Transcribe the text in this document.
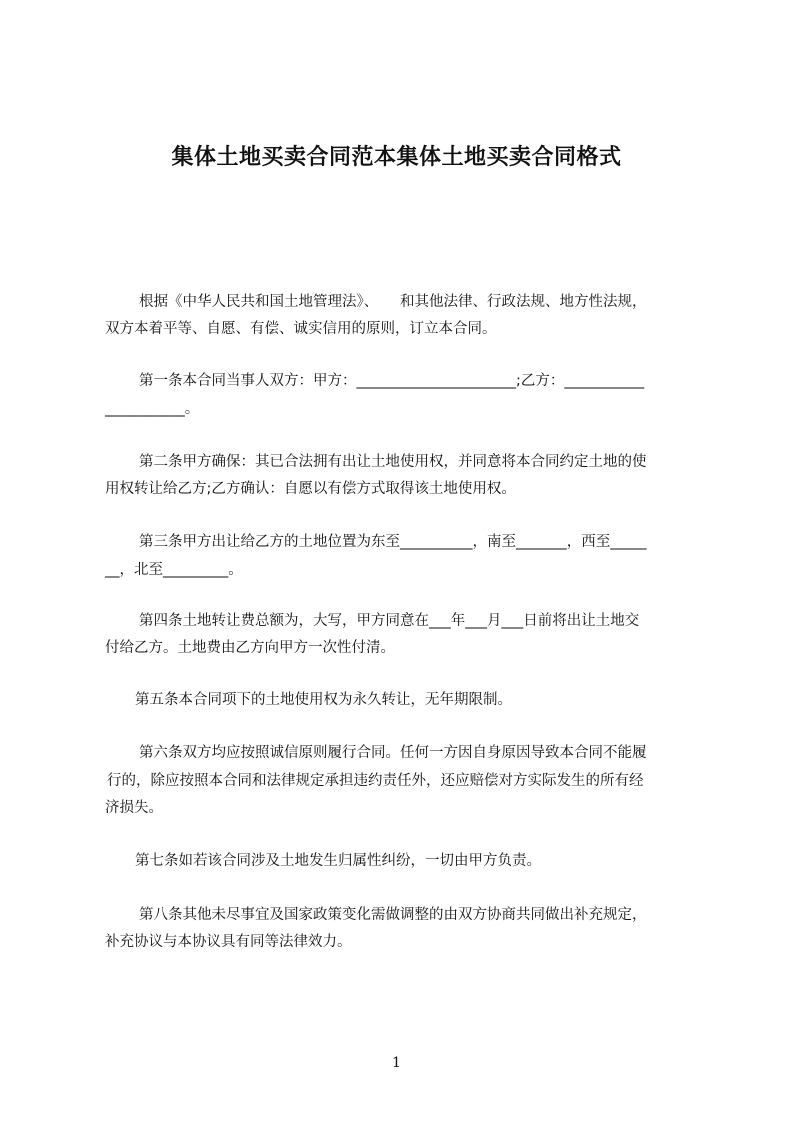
集体土地买卖合同范本集体土地买卖合同格式
根据《中华人民共和国土地管理法》、　　和其他法律、行政法规、地方性法规，
双方本着平等、自愿、有偿、诚实信用的原则，订立本合同。
第一条本合同当事人双方：甲方：______________________;乙方：___________
___________。
第二条甲方确保：其已合法拥有出让土地使用权，并同意将本合同约定土地的使
用权转让给乙方;乙方确认：自愿以有偿方式取得该土地使用权。
第三条甲方出让给乙方的土地位置为东至__________，南至_______，西至_____
__，北至_________。
第四条土地转让费总额为，大写，甲方同意在___年___月___日前将出让土地交
付给乙方。土地费由乙方向甲方一次性付清。
第五条本合同项下的土地使用权为永久转让，无年期限制。
第六条双方均应按照诚信原则履行合同。任何一方因自身原因导致本合同不能履
行的，除应按照本合同和法律规定承担违约责任外，还应赔偿对方实际发生的所有经
济损失。
第七条如若该合同涉及土地发生归属性纠纷，一切由甲方负责。
第八条其他未尽事宜及国家政策变化需做调整的由双方协商共同做出补充规定，
补充协议与本协议具有同等法律效力。
1
